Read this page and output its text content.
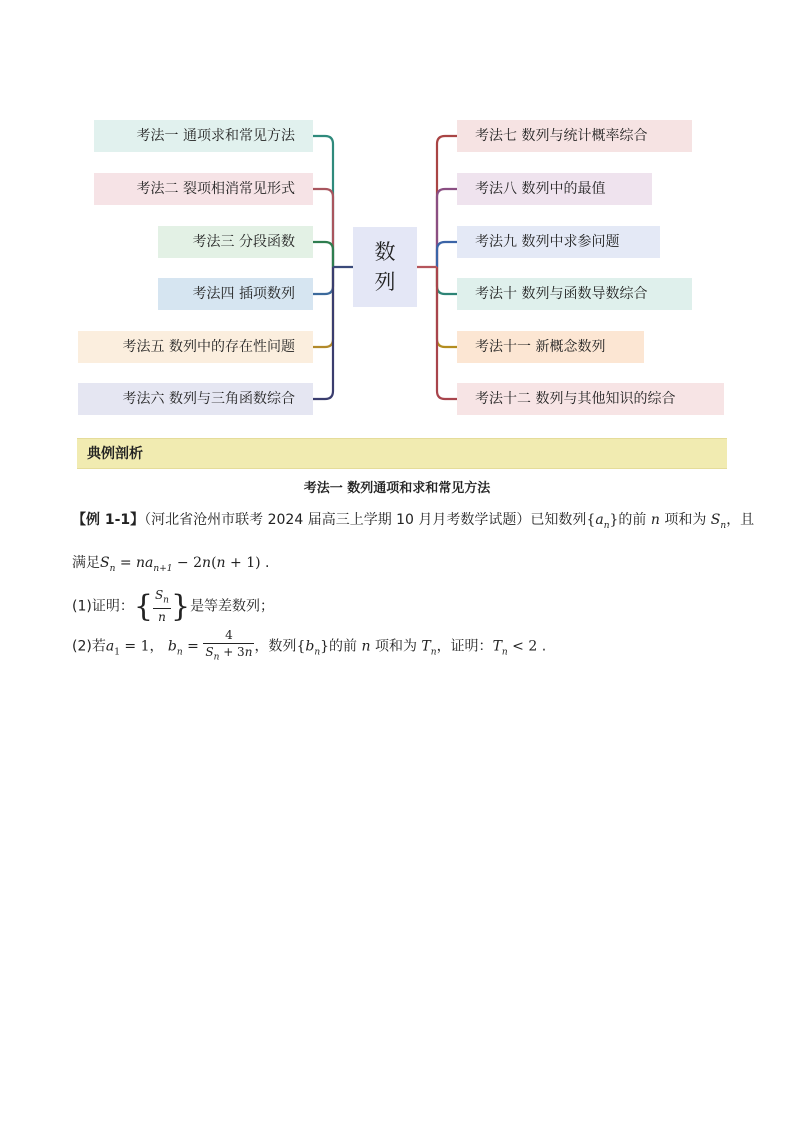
考法一 通项求和常见方法
考法二 裂项相消常见形式
考法三 分段函数
考法四 插项数列
考法五 数列中的存在性问题
考法六 数列与三角函数综合
考法七 数列与统计概率综合
考法八 数列中的最值
考法九 数列中求参问题
考法十 数列与函数导数综合
考法十一 新概念数列
考法十二 数列与其他知识的综合
数
列
典例剖析
考法一 数列通项和求和常见方法
【例 1-1】（河北省沧州市联考 2024 届高三上学期 10 月月考数学试题）已知数列$\{a_n\}$的前 n 项和为 $S_n$，且
满足$S_n = na_{n+1} - 2n(n + 1)$ .
(1)证明：{ $\frac{S_n}{n}$ }是等差数列；
(2)若$a_1 = 1$， $b_n = \frac{4}{S_n + 3n}$ ，数列$\{b_n\}$的前 n 项和为 $T_n$，证明：$T_n < 2$ .
